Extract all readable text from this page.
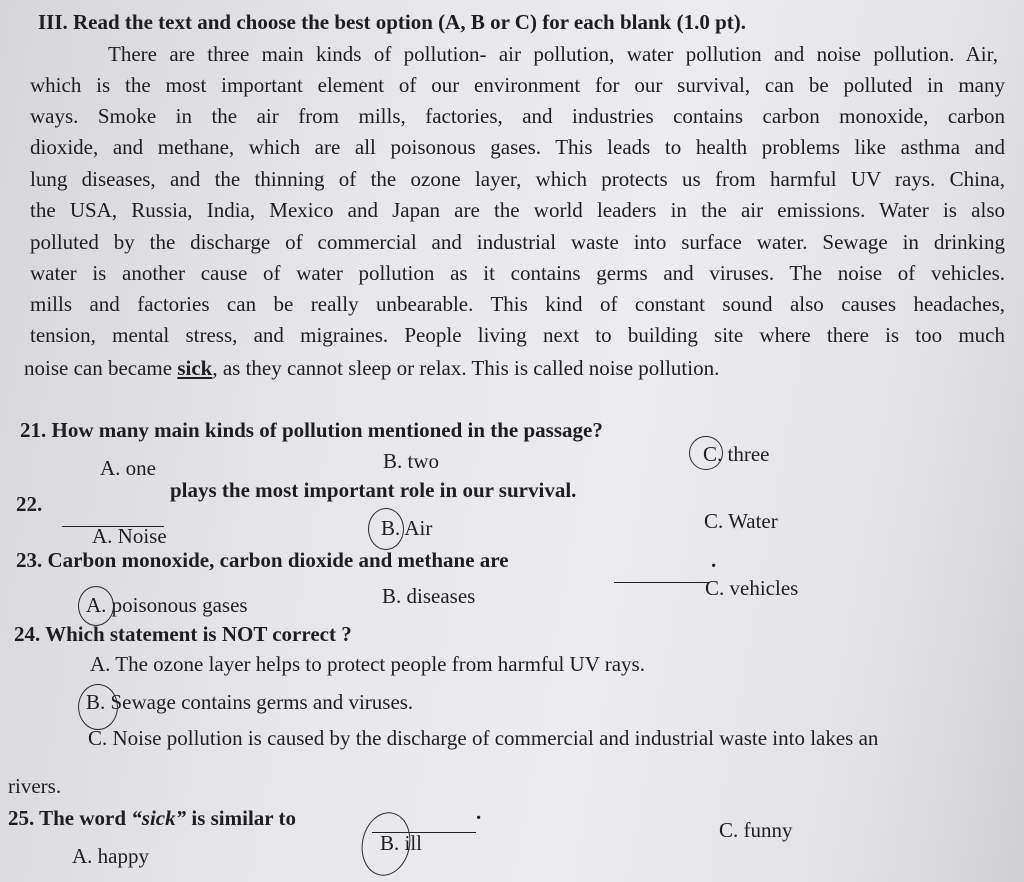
III. Read the text and choose the best option (A, B or C) for each blank (1.0 pt).
There are three main kinds of pollution- air pollution, water pollution and noise pollution. Air,
which is the most important element of our environment for our survival, can be polluted in many
ways. Smoke in the air from mills, factories, and industries contains carbon monoxide, carbon
dioxide, and methane, which are all poisonous gases. This leads to health problems like asthma and
lung diseases, and the thinning of the ozone layer, which protects us from harmful UV rays. China,
the USA, Russia, India, Mexico and Japan are the world leaders in the air emissions. Water is also
polluted by the discharge of commercial and industrial waste into surface water. Sewage in drinking
water is another cause of water pollution as it contains germs and viruses. The noise of vehicles.
mills and factories can be really unbearable. This kind of constant sound also causes headaches,
tension, mental stress, and migraines. People living next to building site where there is too much
noise can became sick, as they cannot sleep or relax. This is called noise pollution.
21. How many main kinds of pollution mentioned in the passage?
A. one	B. two	C. three
22.
plays the most important role in our survival.
A. Noise	B. Air	C. Water
23. Carbon monoxide, carbon dioxide and methane are	.
A. poisonous gases	B. diseases	C. vehicles
24. Which statement is NOT correct ?
A. The ozone layer helps to protect people from harmful UV rays.
B. Sewage contains germs and viruses.
C. Noise pollution is caused by the discharge of commercial and industrial waste into lakes an
rivers.
25. The word “sick” is similar to	.
A. happy
B. ill
C. funny
